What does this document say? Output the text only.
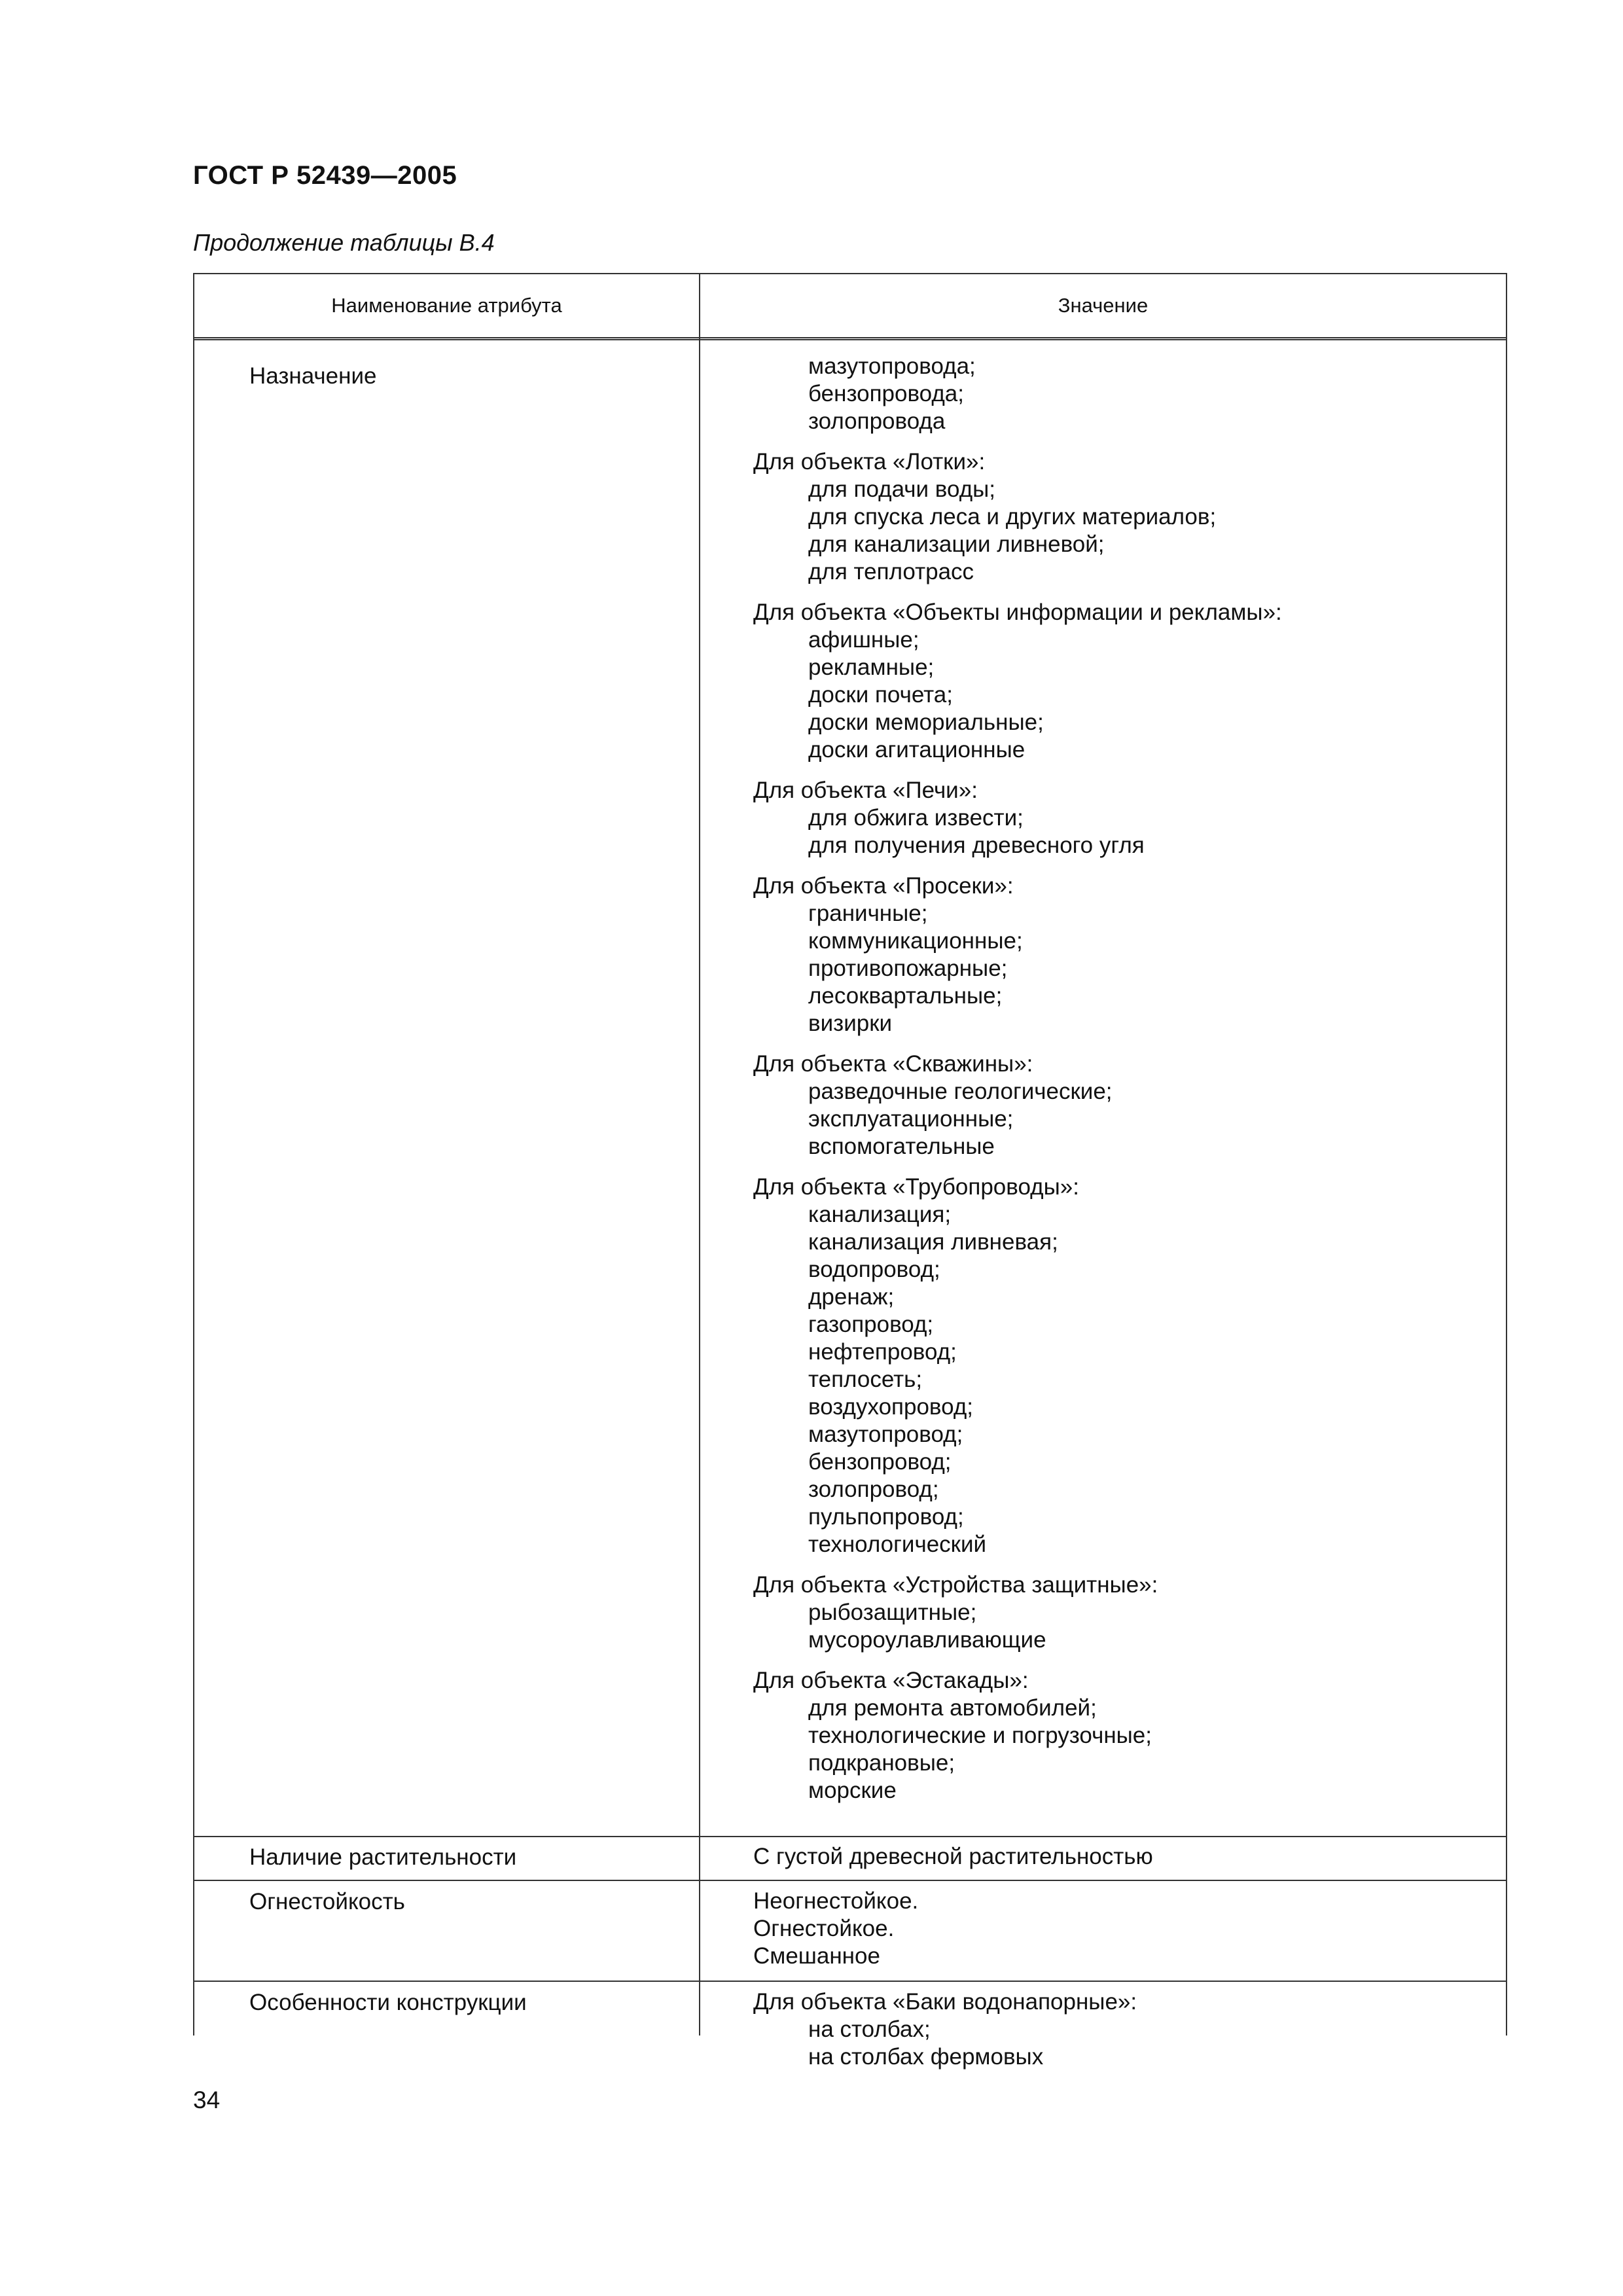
ГОСТ Р 52439—2005
Продолжение таблицы В.4
Наименование атрибута	Значение
Назначение	мазутопровода;
бензопровода;
золопровода
Для объекта «Лотки»:
для подачи воды;
для спуска леса и других материалов;
для канализации ливневой;
для теплотрасс
Для объекта «Объекты информации и рекламы»:
афишные;
рекламные;
доски почета;
доски мемориальные;
доски агитационные
Для объекта «Печи»:
для обжига извести;
для получения древесного угля
Для объекта «Просеки»:
граничные;
коммуникационные;
противопожарные;
лесоквартальные;
визирки
Для объекта «Скважины»:
разведочные геологические;
эксплуатационные;
вспомогательные
Для объекта «Трубопроводы»:
канализация;
канализация ливневая;
водопровод;
дренаж;
газопровод;
нефтепровод;
теплосеть;
воздухопровод;
мазутопровод;
бензопровод;
золопровод;
пульпопровод;
технологический
Для объекта «Устройства защитные»:
рыбозащитные;
мусороулавливающие
Для объекта «Эстакады»:
для ремонта автомобилей;
технологические и погрузочные;
подкрановые;
морские
Наличие растительности	С густой древесной растительностью
Огнестойкость	Неогнестойкое.
Огнестойкое.
Смешанное
Особенности конструкции	Для объекта «Баки водонапорные»:
на столбах;
на столбах фермовых
34
